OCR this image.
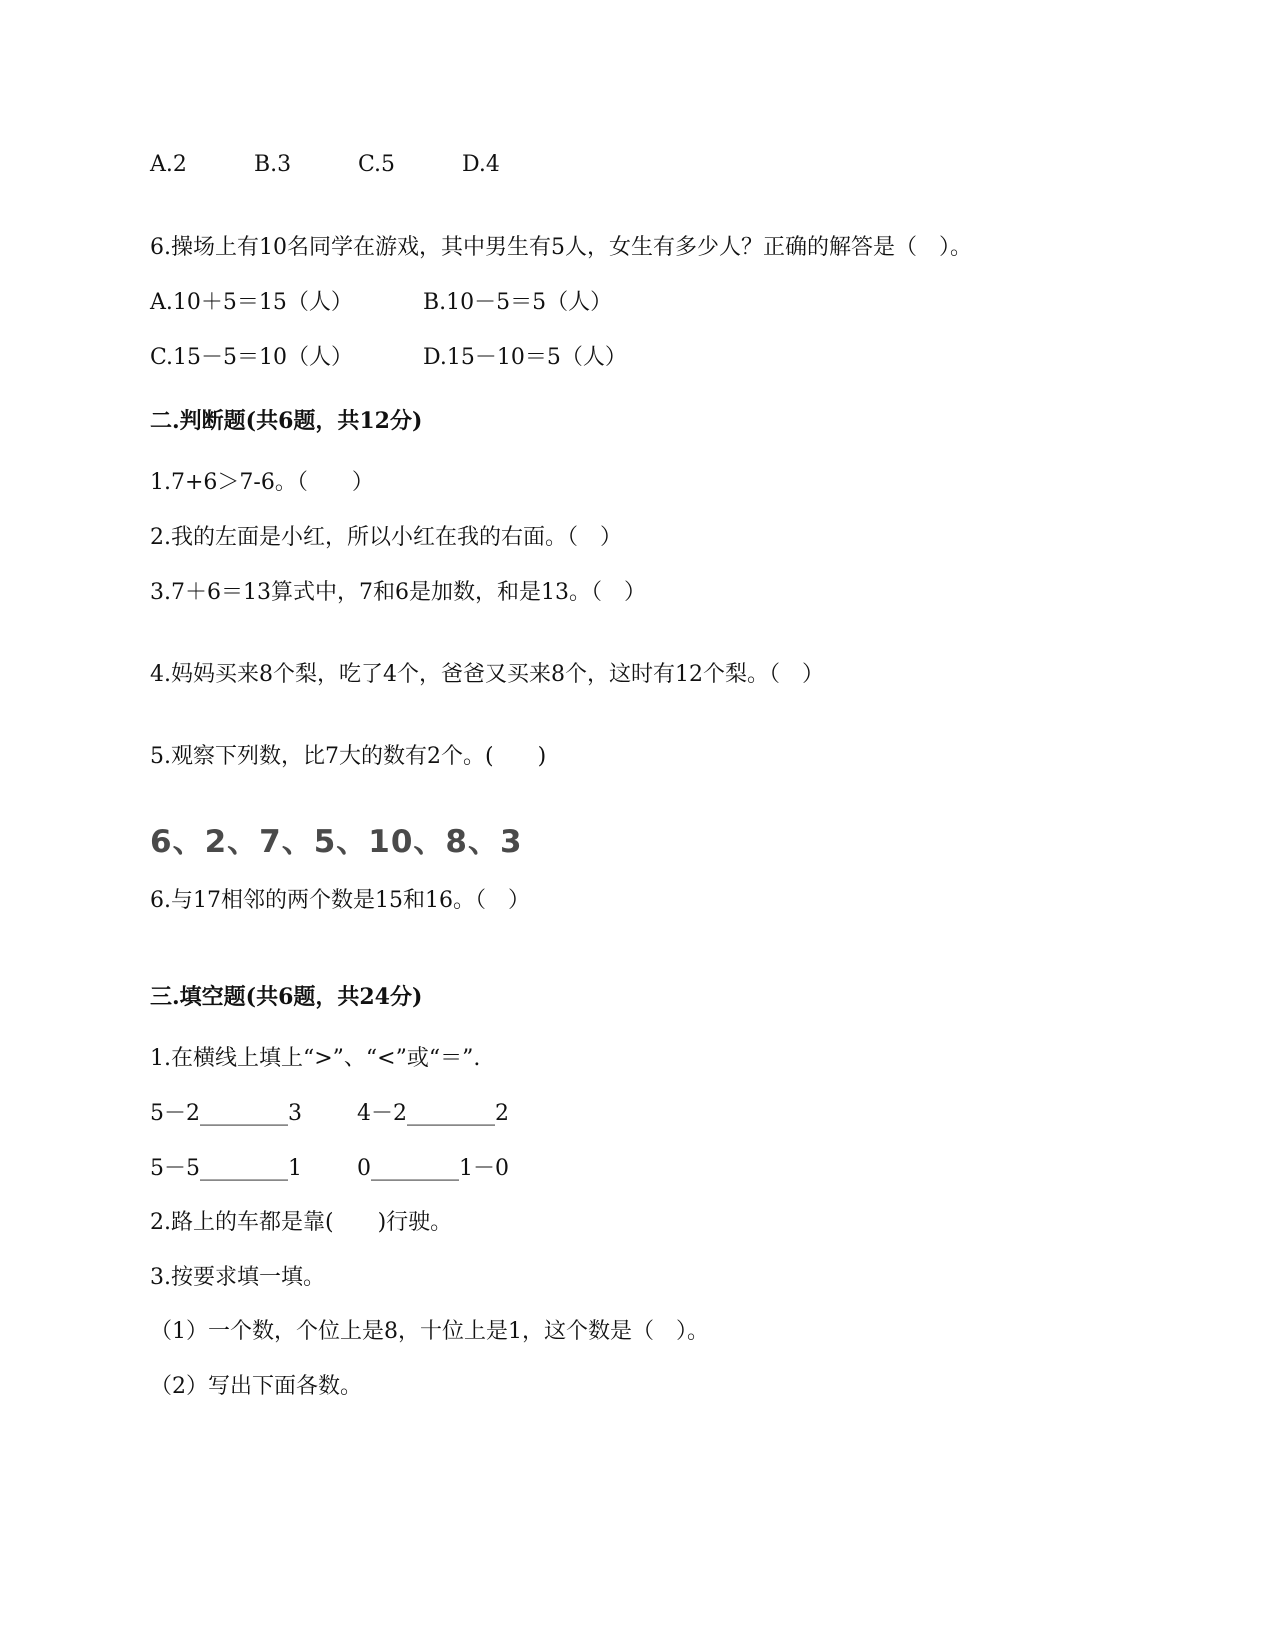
A.2	B.3	C.5	D.4

6.操场上有10名同学在游戏，其中男生有5人，女生有多少人？正确的解答是（　）。

A.10＋5＝15（人）	B.10－5＝5（人）
C.15－5＝10（人）	D.15－10＝5（人）

二.判断题(共6题，共12分)

1.7+6＞7-6。（　　）

2.我的左面是小红，所以小红在我的右面。（　）

3.7＋6＝13算式中，7和6是加数，和是13。（　）

4.妈妈买来8个梨，吃了4个，爸爸又买来8个，这时有12个梨。（　）

5.观察下列数，比7大的数有2个。(　　)

6、2、7、5、10、8、3

6.与17相邻的两个数是15和16。（　）

三.填空题(共6题，共24分)

1.在横线上填上“>”、“<”或“＝”.

5－2________3	4－2________2
5－5________1	0________1－0

2.路上的车都是靠(　　)行驶。

3.按要求填一填。

（1）一个数，个位上是8，十位上是1，这个数是（　）。

（2）写出下面各数。
